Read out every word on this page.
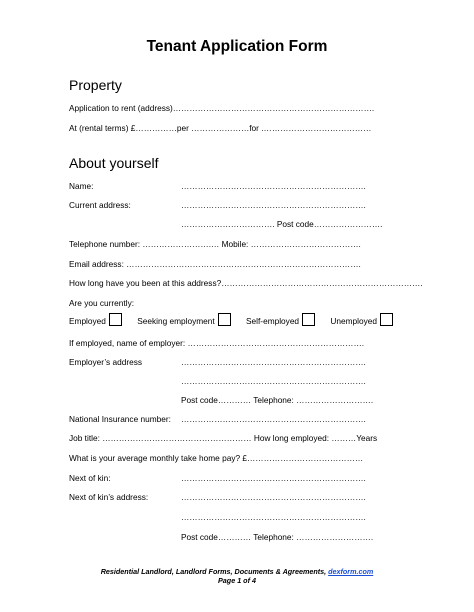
Tenant Application Form
Property
Application to rent (address)……………………………………………………………….
At (rental terms) £……………per …………………for .…………………………………
About yourself
Name:	………………………………………………………….
Current address:	………………………………………………………….
……………………………. Post code…………………….
Telephone number: …………………….… Mobile: ………………………………….
Email address: ………………………………………………………………………….
How long have you been at this address?……………………………………………………………….
Are you currently:
Employed	Seeking employment	Self-employed	Unemployed
If employed, name of employer: ……………………………………………………….
Employer’s address	………………………………………………………….
………………………………………………………….
Post code………… Telephone: ……………………….
National Insurance number: ………………………………………………………….
Job title: ……………………………………………… How long employed: ………Years
What is your average monthly take home pay? £……………………………………
Next of kin:	………………………………………………………….
Next of kin’s address:	………………………………………………………….
………………………………………………………….
Post code………… Telephone: ……………………….
Residential Landlord, Landlord Forms, Documents & Agreements, dexform.com
Page 1 of 4
